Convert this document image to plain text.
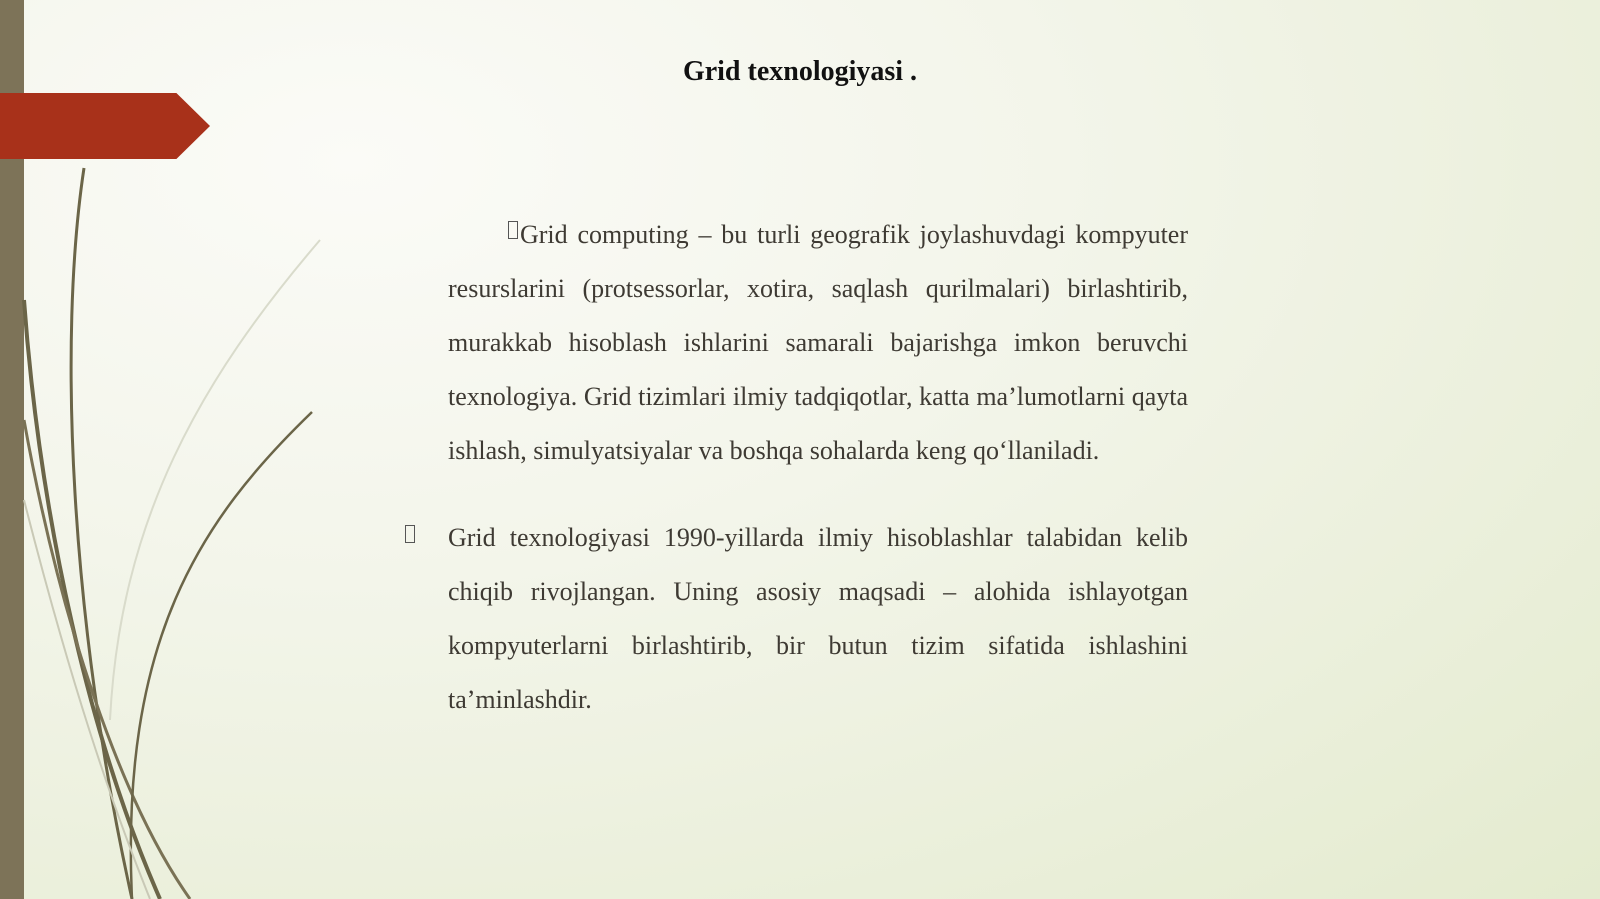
Grid texnologiyasi .

Grid computing – bu turli geografik joylashuvdagi kompyuter resurslarini (protsessorlar, xotira, saqlash qurilmalari) birlashtirib, murakkab hisoblash ishlarini samarali bajarishga imkon beruvchi texnologiya. Grid tizimlari ilmiy tadqiqotlar, katta ma’lumotlarni qayta ishlash, simulyatsiyalar va boshqa sohalarda keng qo‘llaniladi.

Grid texnologiyasi 1990-yillarda ilmiy hisoblashlar talabidan kelib chiqib rivojlangan. Uning asosiy maqsadi – alohida ishlayotgan kompyuterlarni birlashtirib, bir butun tizim sifatida ishlashini ta’minlashdir.
